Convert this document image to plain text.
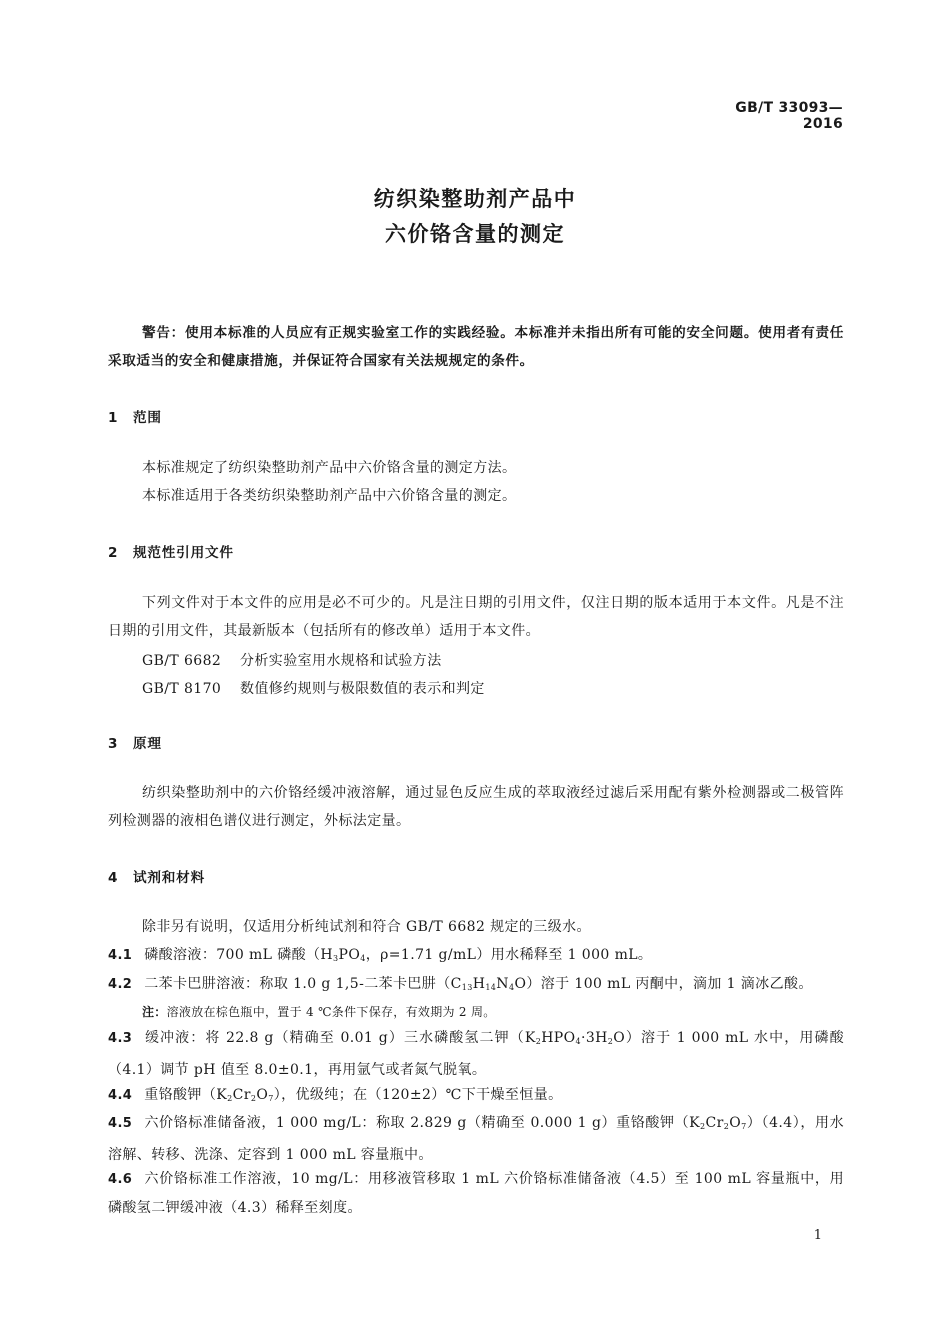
GB/T 33093—2016
纺织染整助剂产品中
六价铬含量的测定
警告：使用本标准的人员应有正规实验室工作的实践经验。本标准并未指出所有可能的安全问题。使用者有责任采取适当的安全和健康措施，并保证符合国家有关法规规定的条件。
1 范围
本标准规定了纺织染整助剂产品中六价铬含量的测定方法。
本标准适用于各类纺织染整助剂产品中六价铬含量的测定。
2 规范性引用文件
下列文件对于本文件的应用是必不可少的。凡是注日期的引用文件，仅注日期的版本适用于本文件。凡是不注日期的引用文件，其最新版本（包括所有的修改单）适用于本文件。
GB/T 6682 分析实验室用水规格和试验方法
GB/T 8170 数值修约规则与极限数值的表示和判定
3 原理
纺织染整助剂中的六价铬经缓冲液溶解，通过显色反应生成的萃取液经过滤后采用配有紫外检测器或二极管阵列检测器的液相色谱仪进行测定，外标法定量。
4 试剂和材料
除非另有说明，仅适用分析纯试剂和符合 GB/T 6682 规定的三级水。
4.1 磷酸溶液：700 mL 磷酸（$H_3PO_4$，ρ=1.71 g/mL）用水稀释至 1 000 mL。
4.2 二苯卡巴肼溶液：称取 1.0 g 1,5-二苯卡巴肼$(C_{13}H_{14}N_4O)$溶于 100 mL 丙酮中，滴加 1 滴冰乙酸。
注：溶液放在棕色瓶中，置于 4 ℃条件下保存，有效期为 2 周。
4.3 缓冲液：将 22.8 g（精确至 0.01 g）三水磷酸氢二钾$(K_2HPO_4\cdot 3H_2O)$溶于 1 000 mL 水中，用磷酸（4.1）调节 pH 值至 8.0±0.1，再用氩气或者氮气脱氧。
4.4 重铬酸钾$(K_2Cr_2O_7)$，优级纯；在（120±2）℃下干燥至恒量。
4.5 六价铬标准储备液，1 000 mg/L：称取 2.829 g（精确至 0.000 1 g）重铬酸钾$(K_2Cr_2O_7)(4.4)$，用水溶解、转移、洗涤、定容到 1 000 mL 容量瓶中。
4.6 六价铬标准工作溶液，10 mg/L：用移液管移取 1 mL 六价铬标准储备液（4.5）至 100 mL 容量瓶中，用磷酸氢二钾缓冲液（4.3）稀释至刻度。
1
